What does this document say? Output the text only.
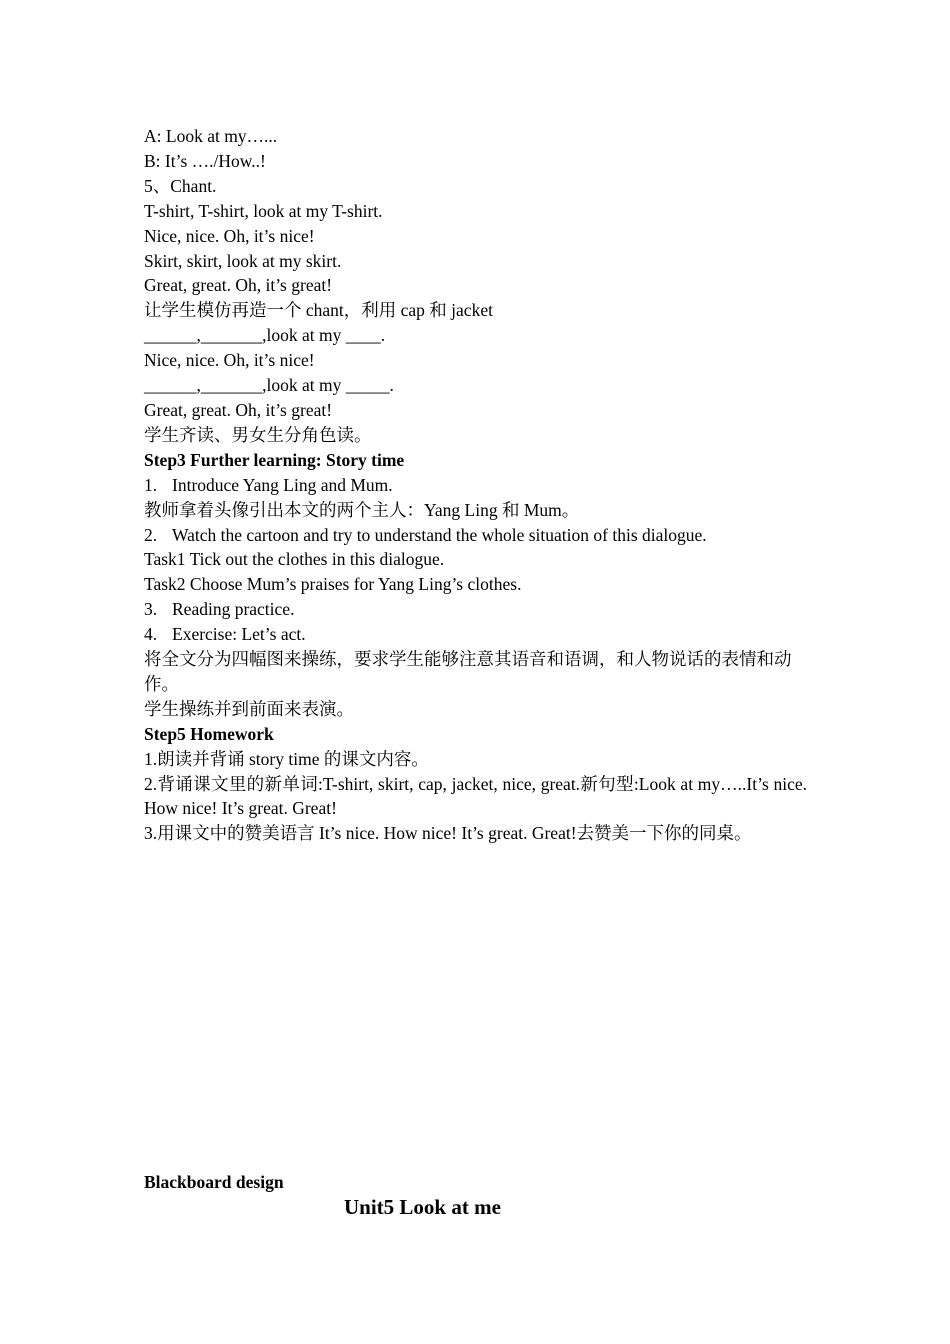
A: Look at my…...

B: It’s …./How..!

5、Chant.

T-shirt, T-shirt, look at my T-shirt.

Nice, nice. Oh, it’s nice!

Skirt, skirt, look at my skirt.

Great, great. Oh, it’s great!

让学生模仿再造一个 chant，利用 cap 和 jacket

______,_______,look at my ____.

Nice, nice. Oh, it’s nice!

______,_______,look at my _____.

Great, great. Oh, it’s great!

学生齐读、男女生分角色读。

Step3 Further learning: Story time

1. Introduce Yang Ling and Mum.

教师拿着头像引出本文的两个主人：Yang Ling 和 Mum。

2. Watch the cartoon and try to understand the whole situation of this dialogue.

Task1 Tick out the clothes in this dialogue.

Task2 Choose Mum’s praises for Yang Ling’s clothes.

3. Reading practice.

4. Exercise: Let’s act.

将全文分为四幅图来操练，要求学生能够注意其语音和语调，和人物说话的表情和动作。

学生操练并到前面来表演。

Step5 Homework

1.朗读并背诵 story time 的课文内容。

2.背诵课文里的新单词:T-shirt, skirt, cap, jacket, nice, great.新句型:Look at my…..It’s nice. How nice! It’s great. Great!

3.用课文中的赞美语言 It’s nice. How nice! It’s great. Great!去赞美一下你的同桌。

Blackboard design
Unit5 Look at me
